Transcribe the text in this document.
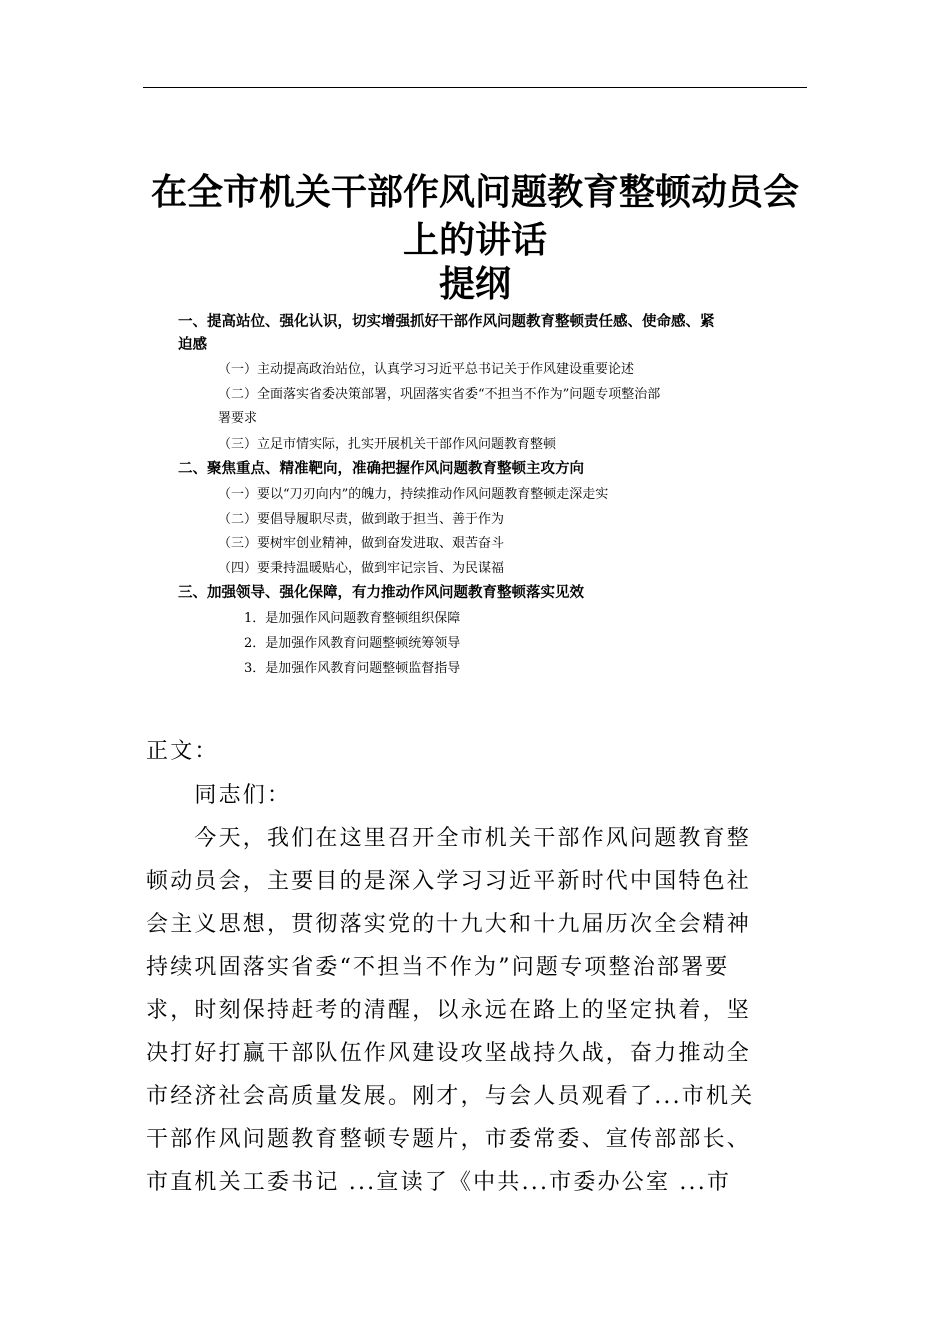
在全市机关干部作风问题教育整顿动员会
上的讲话
提纲
一、提高站位、强化认识，切实增强抓好干部作风问题教育整顿责任感、使命感、紧
迫感
（一）主动提高政治站位，认真学习习近平总书记关于作风建设重要论述
（二）全面落实省委决策部署，巩固落实省委“不担当不作为”问题专项整治部
署要求
（三）立足市情实际，扎实开展机关干部作风问题教育整顿
二、聚焦重点、精准靶向，准确把握作风问题教育整顿主攻方向
（一）要以“刀刃向内”的魄力，持续推动作风问题教育整顿走深走实
（二）要倡导履职尽责，做到敢于担当、善于作为
（三）要树牢创业精神，做到奋发进取、艰苦奋斗
（四）要秉持温暖贴心，做到牢记宗旨、为民谋福
三、加强领导、强化保障，有力推动作风问题教育整顿落实见效
1．是加强作风问题教育整顿组织保障
2．是加强作风教育问题整顿统筹领导
3．是加强作风教育问题整顿监督指导
正文：
　　同志们：
　　今天，我们在这里召开全市机关干部作风问题教育整
顿动员会，主要目的是深入学习习近平新时代中国特色社
会主义思想，贯彻落实党的十九大和十九届历次全会精神
持续巩固落实省委“不担当不作为”问题专项整治部署要
求，时刻保持赶考的清醒，以永远在路上的坚定执着，坚
决打好打赢干部队伍作风建设攻坚战持久战，奋力推动全
市经济社会高质量发展。刚才，与会人员观看了...市机关
干部作风问题教育整顿专题片，市委常委、宣传部部长、
市直机关工委书记 ...宣读了《中共...市委办公室 ...市
